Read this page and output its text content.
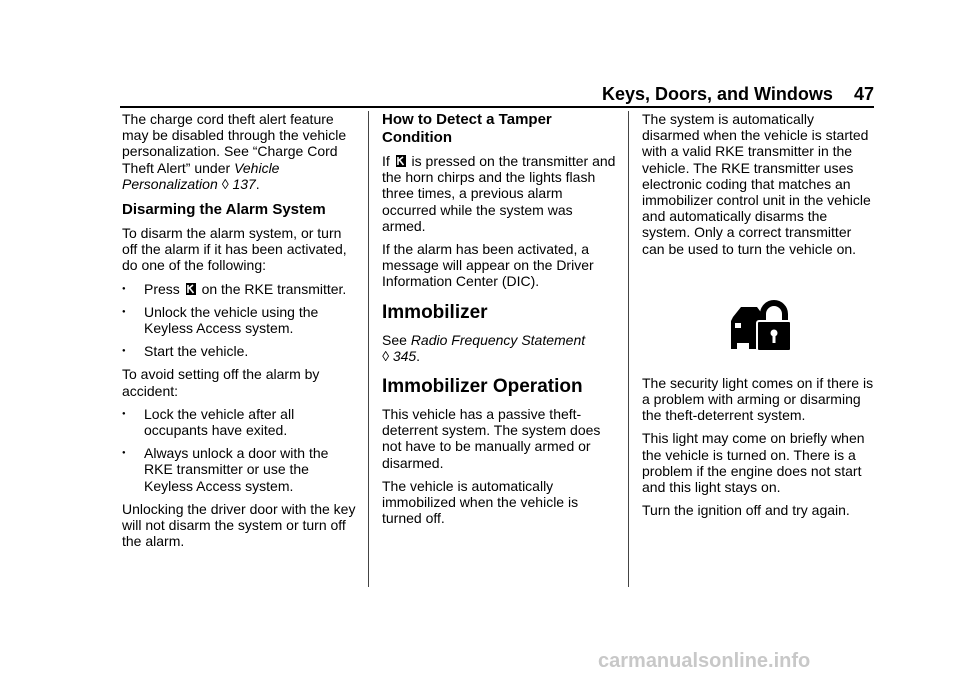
Keys, Doors, and Windows 47

The charge cord theft alert feature may be disabled through the vehicle personalization. See “Charge Cord Theft Alert” under Vehicle Personalization ◊ 137.

Disarming the Alarm System

To disarm the alarm system, or turn off the alarm if it has been activated, do one of the following:

● Press  on the RKE transmitter.
● Unlock the vehicle using the Keyless Access system.
● Start the vehicle.

To avoid setting off the alarm by accident:

● Lock the vehicle after all occupants have exited.
● Always unlock a door with the RKE transmitter or use the Keyless Access system.

Unlocking the driver door with the key will not disarm the system or turn off the alarm.

How to Detect a Tamper Condition

If  is pressed on the transmitter and the horn chirps and the lights flash three times, a previous alarm occurred while the system was armed.

If the alarm has been activated, a message will appear on the Driver Information Center (DIC).

Immobilizer

See Radio Frequency Statement
◊ 345.

Immobilizer Operation

This vehicle has a passive theft-deterrent system. The system does not have to be manually armed or disarmed.

The vehicle is automatically immobilized when the vehicle is turned off.

The system is automatically disarmed when the vehicle is started with a valid RKE transmitter in the vehicle. The RKE transmitter uses electronic coding that matches an immobilizer control unit in the vehicle and automatically disarms the system. Only a correct transmitter can be used to turn the vehicle on.

The security light comes on if there is a problem with arming or disarming the theft-deterrent system.

This light may come on briefly when the vehicle is turned on. There is a problem if the engine does not start and this light stays on.

Turn the ignition off and try again.

carmanualsonline.info
